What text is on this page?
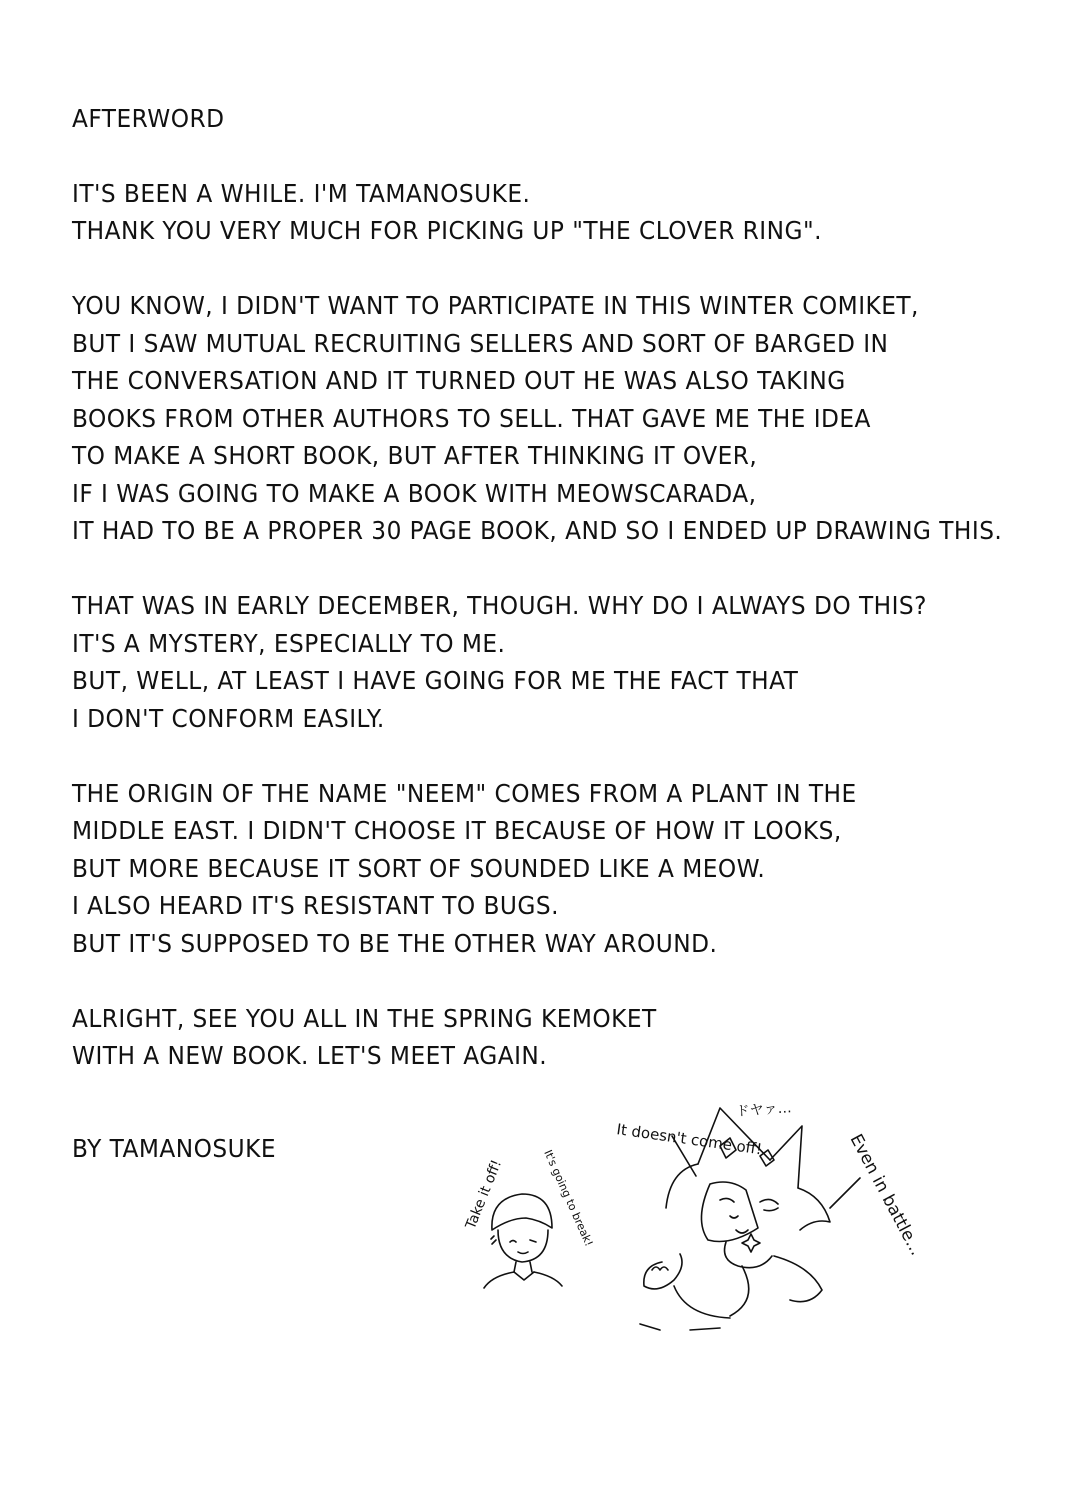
AFTERWORD
IT'S BEEN A WHILE. I'M TAMANOSUKE.
THANK YOU VERY MUCH FOR PICKING UP "THE CLOVER RING".
YOU KNOW, I DIDN'T WANT TO PARTICIPATE IN THIS WINTER COMIKET,
BUT I SAW MUTUAL RECRUITING SELLERS AND SORT OF BARGED IN
THE CONVERSATION AND IT TURNED OUT HE WAS ALSO TAKING
BOOKS FROM OTHER AUTHORS TO SELL. THAT GAVE ME THE IDEA
TO MAKE A SHORT BOOK, BUT AFTER THINKING IT OVER,
IF I WAS GOING TO MAKE A BOOK WITH MEOWSCARADA,
IT HAD TO BE A PROPER 30 PAGE BOOK, AND SO I ENDED UP DRAWING THIS.
THAT WAS IN EARLY DECEMBER, THOUGH. WHY DO I ALWAYS DO THIS?
IT'S A MYSTERY, ESPECIALLY TO ME.
BUT, WELL, AT LEAST I HAVE GOING FOR ME THE FACT THAT
I DON'T CONFORM EASILY.
THE ORIGIN OF THE NAME "NEEM" COMES FROM A PLANT IN THE
MIDDLE EAST. I DIDN'T CHOOSE IT BECAUSE OF HOW IT LOOKS,
BUT MORE BECAUSE IT SORT OF SOUNDED LIKE A MEOW.
I ALSO HEARD IT'S RESISTANT TO BUGS.
BUT IT'S SUPPOSED TO BE THE OTHER WAY AROUND.
ALRIGHT, SEE YOU ALL IN THE SPRING KEMOKET
WITH A NEW BOOK. LET'S MEET AGAIN.
BY TAMANOSUKE
Take it off!	It's going to break!
It doesn't come off!
ドヤァ…
Even in battle...
